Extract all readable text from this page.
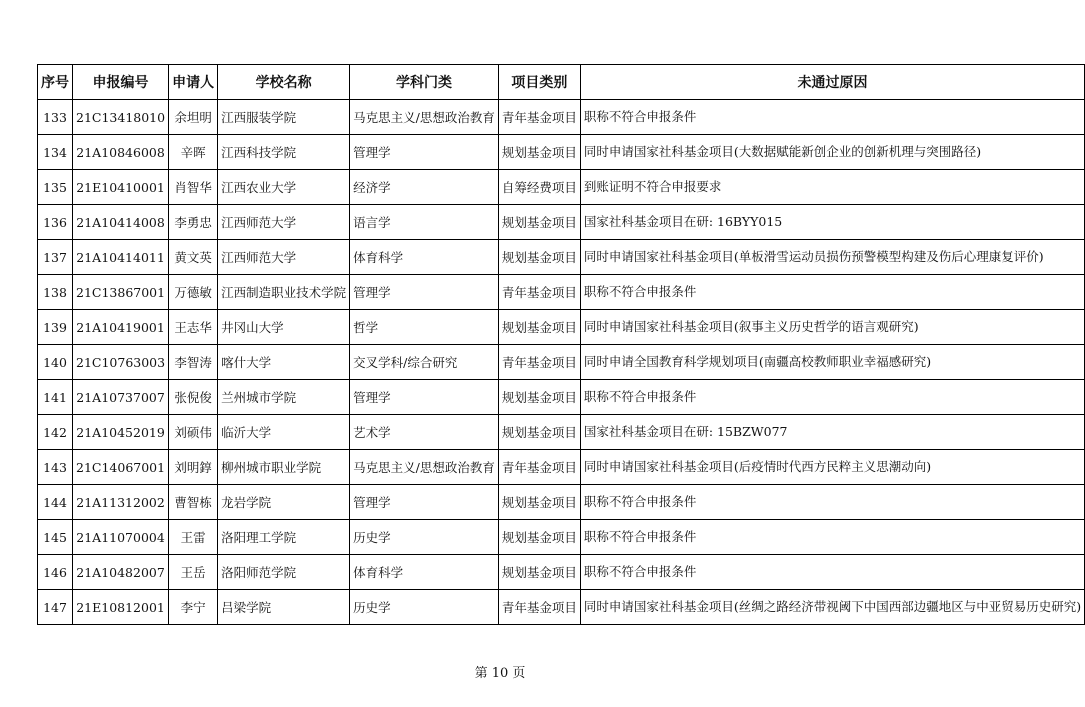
序号	申报编号	申请人	学校名称	学科门类	项目类别	未通过原因
133	21C13418010	余坦明	江西服装学院	马克思主义/思想政治教育	青年基金项目	职称不符合申报条件
134	21A10846008	辛晖	江西科技学院	管理学	规划基金项目	同时申请国家社科基金项目(大数据赋能新创企业的创新机理与突围路径)
135	21E10410001	肖智华	江西农业大学	经济学	自筹经费项目	到账证明不符合申报要求
136	21A10414008	李勇忠	江西师范大学	语言学	规划基金项目	国家社科基金项目在研: 16BYY015
137	21A10414011	黄文英	江西师范大学	体育科学	规划基金项目	同时申请国家社科基金项目(单板滑雪运动员损伤预警模型构建及伤后心理康复评价)
138	21C13867001	万德敏	江西制造职业技术学院	管理学	青年基金项目	职称不符合申报条件
139	21A10419001	王志华	井冈山大学	哲学	规划基金项目	同时申请国家社科基金项目(叙事主义历史哲学的语言观研究)
140	21C10763003	李智涛	喀什大学	交叉学科/综合研究	青年基金项目	同时申请全国教育科学规划项目(南疆高校教师职业幸福感研究)
141	21A10737007	张倪俊	兰州城市学院	管理学	规划基金项目	职称不符合申报条件
142	21A10452019	刘硕伟	临沂大学	艺术学	规划基金项目	国家社科基金项目在研: 15BZW077
143	21C14067001	刘明錞	柳州城市职业学院	马克思主义/思想政治教育	青年基金项目	同时申请国家社科基金项目(后疫情时代西方民粹主义思潮动向)
144	21A11312002	曹智栋	龙岩学院	管理学	规划基金项目	职称不符合申报条件
145	21A11070004	王雷	洛阳理工学院	历史学	规划基金项目	职称不符合申报条件
146	21A10482007	王岳	洛阳师范学院	体育科学	规划基金项目	职称不符合申报条件
147	21E10812001	李宁	吕梁学院	历史学	青年基金项目	同时申请国家社科基金项目(丝绸之路经济带视阈下中国西部边疆地区与中亚贸易历史研究)
第 10 页
